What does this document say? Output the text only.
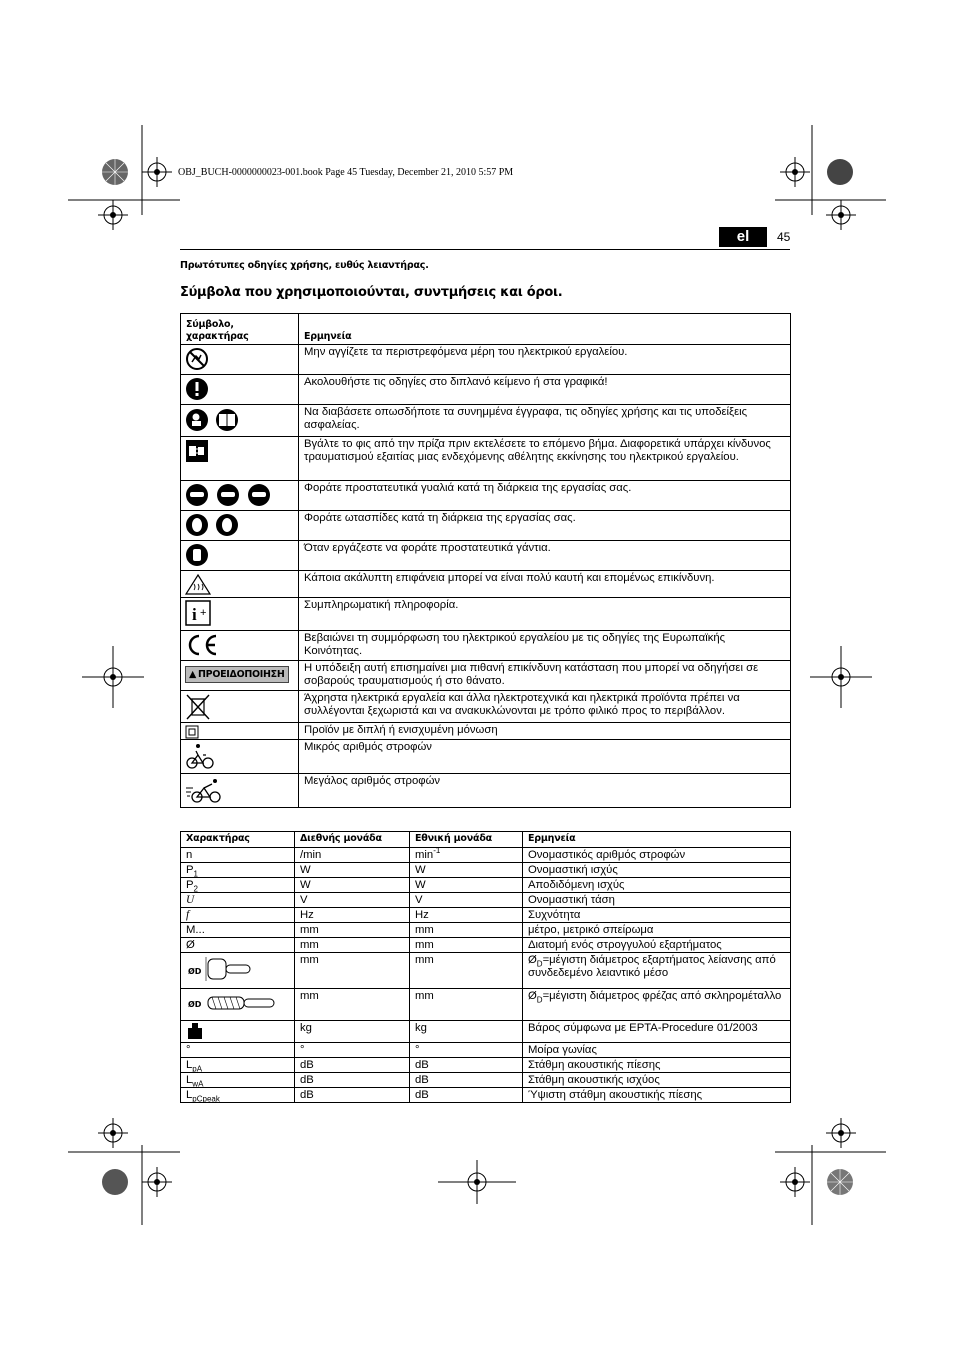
OBJ_BUCH-0000000023-001.book Page 45 Tuesday, December 21, 2010 5:57 PM
el	45
Πρωτότυπες οδηγίες χρήσης, ευθύς λειαντήρας.
Σύμβολα που χρησιμοποιούνται, συντμήσεις και όροι.
Σύμβολο,
χαρακτήρας	Ερμηνεία
	Μην αγγίζετε τα περιστρεφόμενα μέρη του ηλεκτρικού εργαλείου.
	Ακολουθήστε τις οδηγίες στο διπλανό κείμενο ή στα γραφικά!
	Να διαβάσετε οπωσδήποτε τα συνημμένα έγγραφα, τις οδηγίες χρήσης και τις υποδείξεις ασφαλείας.
	Βγάλτε το φις από την πρίζα πριν εκτελέσετε το επόμενο βήμα. Διαφορετικά υπάρχει κίνδυνος τραυματισμού εξαιτίας μιας ενδεχόμενης αθέλητης εκκίνησης του ηλεκτρικού εργαλείου.
	Φοράτε προστατευτικά γυαλιά κατά τη διάρκεια της εργασίας σας.
	Φοράτε ωτασπίδες κατά τη διάρκεια της εργασίας σας.
	Όταν εργάζεστε να φοράτε προστατευτικά γάντια.
	Κάποια ακάλυπτη επιφάνεια μπορεί να είναι πολύ καυτή και επομένως επικίνδυνη.

i +	Συμπληρωματική πληροφορία.
	Βεβαιώνει τη συμμόρφωση του ηλεκτρικού εργαλείου με τις οδηγίες της Ευρωπαϊκής Κοινότητας.
▲ ΠΡΟΕΙΔΟΠΟΙΗΣΗ	Η υπόδειξη αυτή επισημαίνει μια πιθανή επικίνδυνη κατάσταση που μπορεί να οδηγήσει σε σοβαρούς τραυματισμούς ή στο θάνατο.
	Άχρηστα ηλεκτρικά εργαλεία και άλλα ηλεκτροτεχνικά και ηλεκτρικά προϊόντα πρέπει να συλλέγονται ξεχωριστά και να ανακυκλώνονται με τρόπο φιλικό προς το περιβάλλον.
	Προϊόν με διπλή ή ενισχυμένη μόνωση
	Μικρός αριθμός στροφών
	Μεγάλος αριθμός στροφών
Χαρακτήρας	Διεθνής μονάδα	Εθνική μονάδα	Ερμηνεία
n	/min	$\min^{-1}$	Ονομαστικός αριθμός στροφών
$P_1$	W	W	Ονομαστική ισχύς
$P_2$	W	W	Αποδιδόμενη ισχύς
U	V	V	Ονομαστική τάση
f	Hz	Hz	Συχνότητα
M...	mm	mm	μέτρο, μετρικό σπείρωμα
Ø	mm	mm	Διατομή ενός στρογγυλού εξαρτήματος

ØD	mm	mm	$Ø_D=\mu έ\gamma\iota\sigma\tau\eta$ διάμετρος εξαρτήματος λείανσης από συνδεδεμένο λειαντικό μέσο

ØD	mm	mm	$Ø_D=\mu έ\gamma\iota\sigma\tau\eta$ διάμετρος φρέζας από σκληρομέταλλο
	kg	kg	Βάρος σύμφωνα με EPTA-Procedure 01/2003
°	°	°	Μοίρα γωνίας
$L_{pA}$	dB	dB	Στάθμη ακουστικής πίεσης
$L_{wA}$	dB	dB	Στάθμη ακουστικής ισχύος
$L_{pCpeak}$	dB	dB	Ύψιστη στάθμη ακουστικής πίεσης
